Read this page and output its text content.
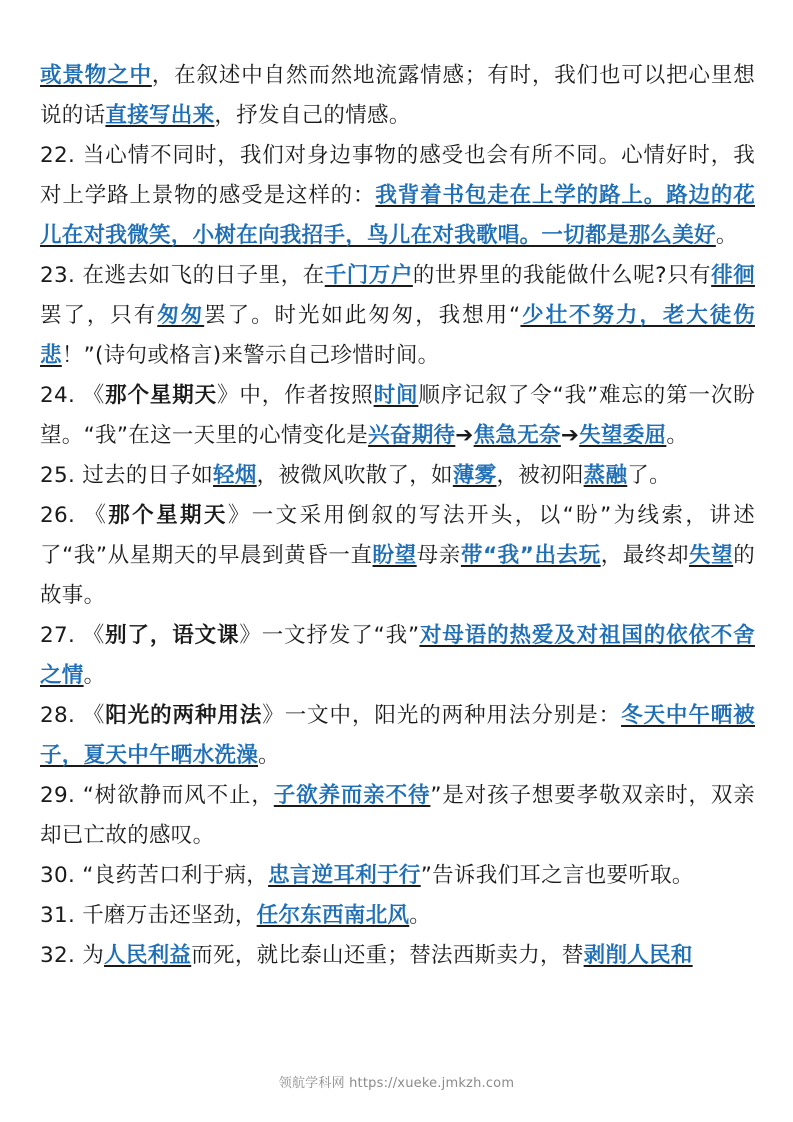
或景物之中，在叙述中自然而然地流露情感；有时，我们也可以把心里想说的话直接写出来，抒发自己的情感。

22. 当心情不同时，我们对身边事物的感受也会有所不同。心情好时，我对上学路上景物的感受是这样的：我背着书包走在上学的路上。路边的花儿在对我微笑，小树在向我招手，鸟儿在对我歌唱。一切都是那么美好。

23. 在逃去如飞的日子里，在千门万户的世界里的我能做什么呢?只有徘徊罢了，只有匆匆罢了。时光如此匆匆，我想用“少壮不努力，老大徒伤悲！”(诗句或格言)来警示自己珍惜时间。

24. 《那个星期天》中，作者按照时间顺序记叙了令“我”难忘的第一次盼望。“我”在这一天里的心情变化是兴奋期待➔焦急无奈➔失望委屈。

25. 过去的日子如轻烟，被微风吹散了，如薄雾，被初阳蒸融了。

26. 《那个星期天》一文采用倒叙的写法开头，以“盼”为线索，讲述了“我”从星期天的早晨到黄昏一直盼望母亲带“我”出去玩，最终却失望的故事。

27. 《别了，语文课》一文抒发了“我”对母语的热爱及对祖国的依依不舍之情。

28. 《阳光的两种用法》一文中，阳光的两种用法分别是：冬天中午晒被子，夏天中午晒水洗澡。

29. “树欲静而风不止，子欲养而亲不待”是对孩子想要孝敬双亲时，双亲却已亡故的感叹。

30. “良药苦口利于病，忠言逆耳利于行”告诉我们耳之言也要听取。

31. 千磨万击还坚劲，任尔东西南北风。

32. 为人民利益而死，就比泰山还重；替法西斯卖力，替剥削人民和

领航学科网 https://xueke.jmkzh.com
